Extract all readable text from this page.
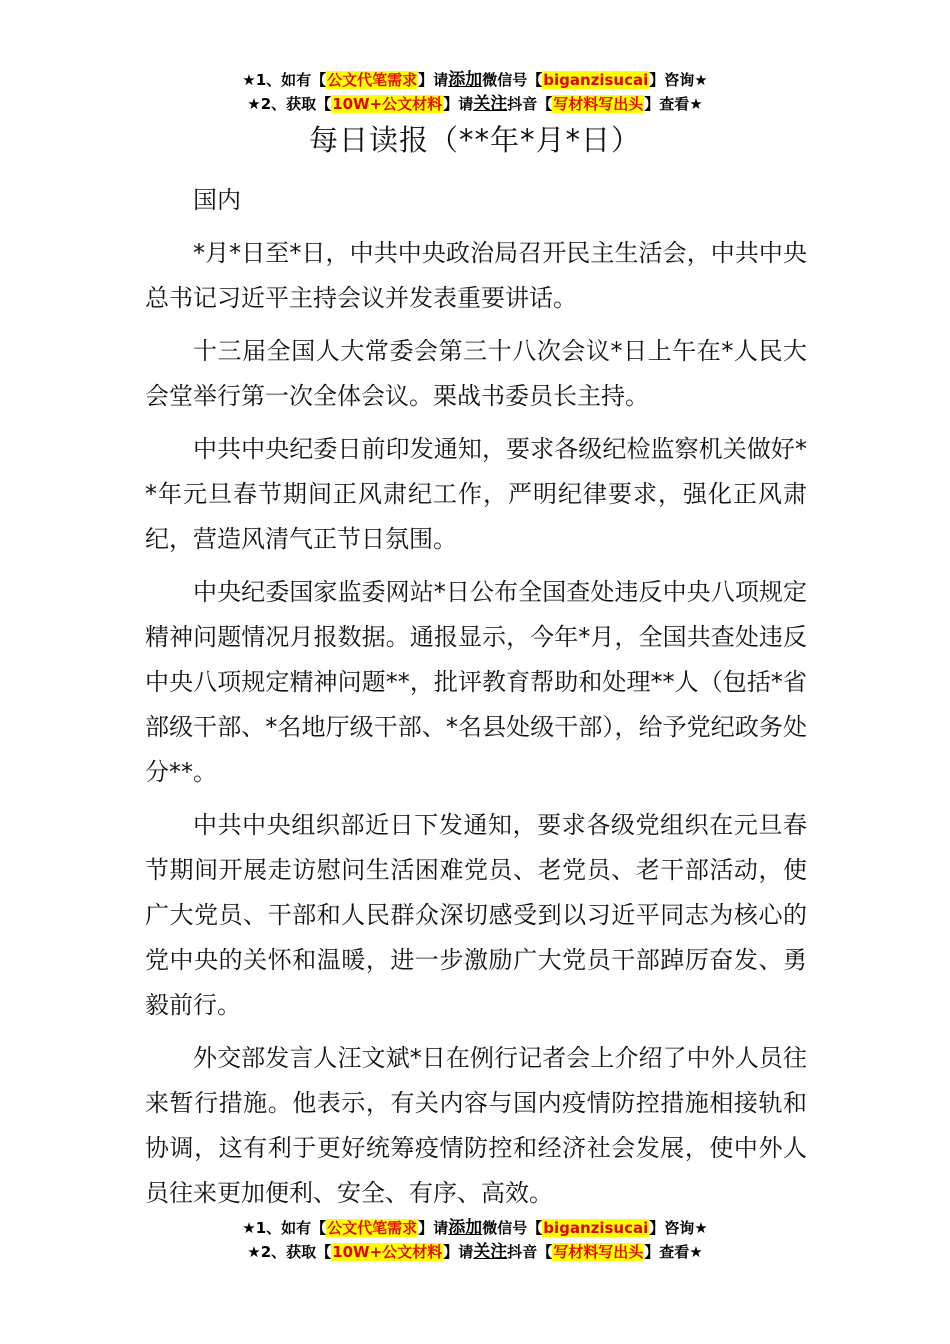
★1、如有【公文代笔需求】请添加微信号【biganzisucai】咨询★
★2、获取【10W+公文材料】请关注抖音【写材料写出头】查看★
每日读报（**年*月*日）

国内

*月*日至*日，中共中央政治局召开民主生活会，中共中央总书记习近平主持会议并发表重要讲话。

十三届全国人大常委会第三十八次会议*日上午在*人民大会堂举行第一次全体会议。栗战书委员长主持。

中共中央纪委日前印发通知，要求各级纪检监察机关做好**年元旦春节期间正风肃纪工作，严明纪律要求，强化正风肃纪，营造风清气正节日氛围。

中央纪委国家监委网站*日公布全国查处违反中央八项规定精神问题情况月报数据。通报显示，今年*月，全国共查处违反中央八项规定精神问题**，批评教育帮助和处理**人（包括*省部级干部、*名地厅级干部、*名县处级干部），给予党纪政务处分**。

中共中央组织部近日下发通知，要求各级党组织在元旦春节期间开展走访慰问生活困难党员、老党员、老干部活动，使广大党员、干部和人民群众深切感受到以习近平同志为核心的党中央的关怀和温暖，进一步激励广大党员干部踔厉奋发、勇毅前行。

外交部发言人汪文斌*日在例行记者会上介绍了中外人员往来暂行措施。他表示，有关内容与国内疫情防控措施相接轨和协调，这有利于更好统筹疫情防控和经济社会发展，使中外人员往来更加便利、安全、有序、高效。

★1、如有【公文代笔需求】请添加微信号【biganzisucai】咨询★
★2、获取【10W+公文材料】请关注抖音【写材料写出头】查看★
